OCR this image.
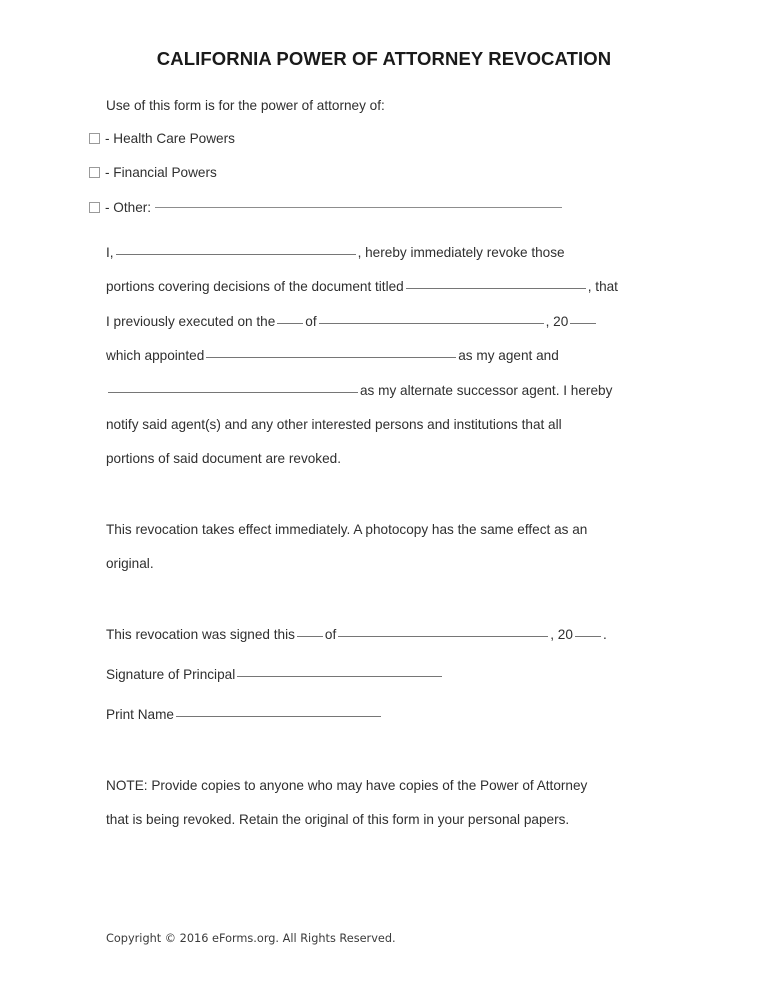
CALIFORNIA POWER OF ATTORNEY REVOCATION
Use of this form is for the power of attorney of:
- Health Care Powers
- Financial Powers
- Other:
I,	, hereby immediately revoke those
portions covering decisions of the document titled	, that
I previously executed on the of	, 20
which appointed	as my agent and
as my alternate successor agent. I hereby
notify said agent(s) and any other interested persons and institutions that all
portions of said document are revoked.
This revocation takes effect immediately. A photocopy has the same effect as an
original.
This revocation was signed this of	, 20 .
Signature of Principal
Print Name
NOTE: Provide copies to anyone who may have copies of the Power of Attorney
that is being revoked. Retain the original of this form in your personal papers.
Copyright © 2016 eForms.org. All Rights Reserved.
